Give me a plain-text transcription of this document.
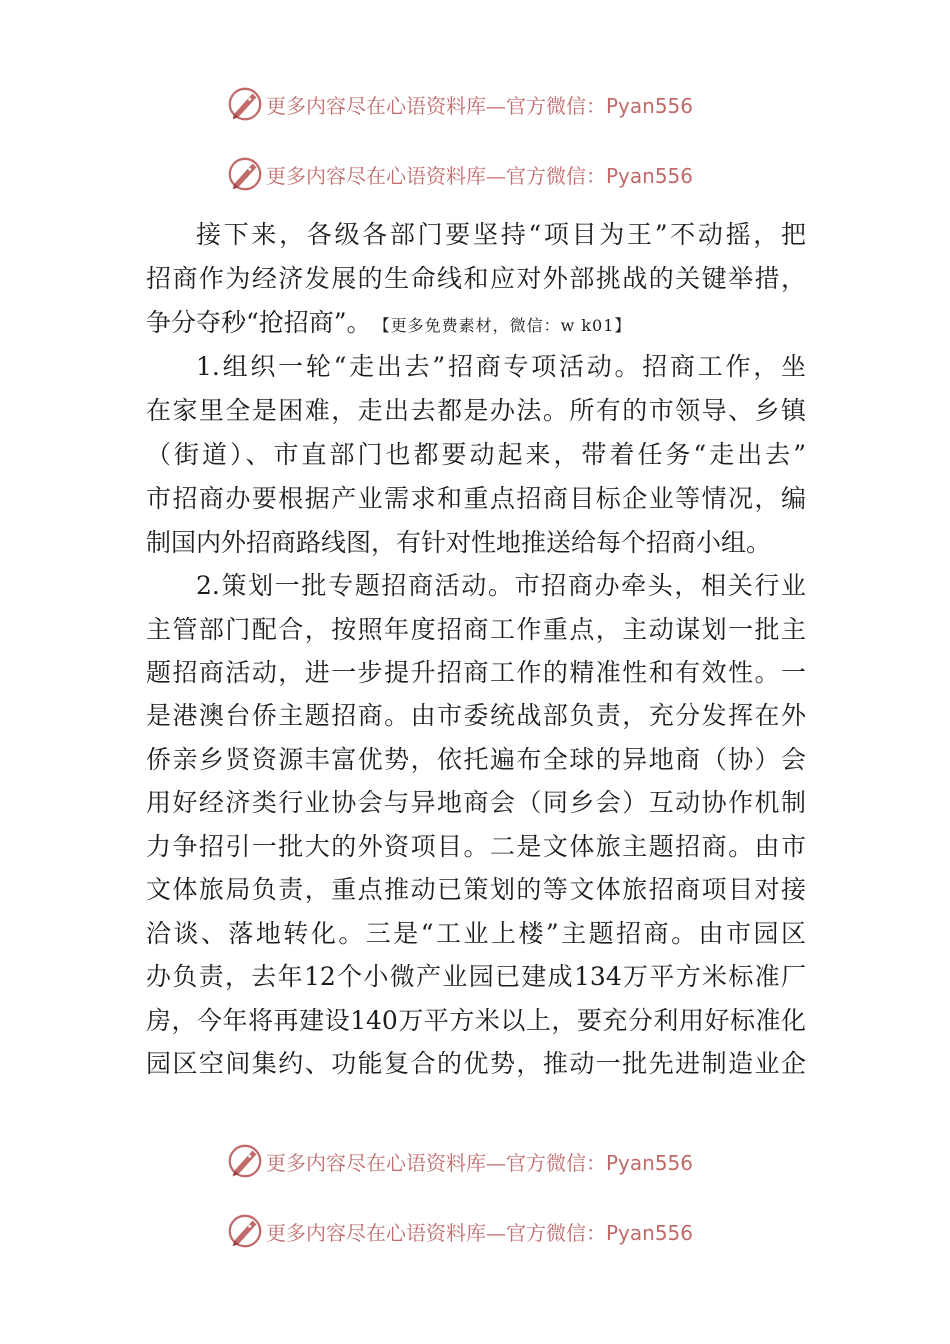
更多内容尽在心语资料库—官方微信：Pyan556
更多内容尽在心语资料库—官方微信：Pyan556
接下来，各级各部门要坚持“项目为王”不动摇，把
招商作为经济发展的生命线和应对外部挑战的关键举措，
争分夺秒“抢招商”。 【更多免费素材，微信：w k01】
1.组织一轮“走出去”招商专项活动。招商工作，坐
在家里全是困难，走出去都是办法。所有的市领导、乡镇
（街道）、市直部门也都要动起来，带着任务“走出去”
市招商办要根据产业需求和重点招商目标企业等情况，编
制国内外招商路线图，有针对性地推送给每个招商小组。
2.策划一批专题招商活动。市招商办牵头，相关行业
主管部门配合，按照年度招商工作重点，主动谋划一批主
题招商活动，进一步提升招商工作的精准性和有效性。一
是港澳台侨主题招商。由市委统战部负责，充分发挥在外
侨亲乡贤资源丰富优势，依托遍布全球的异地商（协）会
用好经济类行业协会与异地商会（同乡会）互动协作机制
力争招引一批大的外资项目。二是文体旅主题招商。由市
文体旅局负责，重点推动已策划的等文体旅招商项目对接
洽谈、落地转化。三是“工业上楼”主题招商。由市园区
办负责，去年12个小微产业园已建成134万平方米标准厂
房，今年将再建设140万平方米以上，要充分利用好标准化
园区空间集约、功能复合的优势，推动一批先进制造业企
更多内容尽在心语资料库—官方微信：Pyan556
更多内容尽在心语资料库—官方微信：Pyan556
